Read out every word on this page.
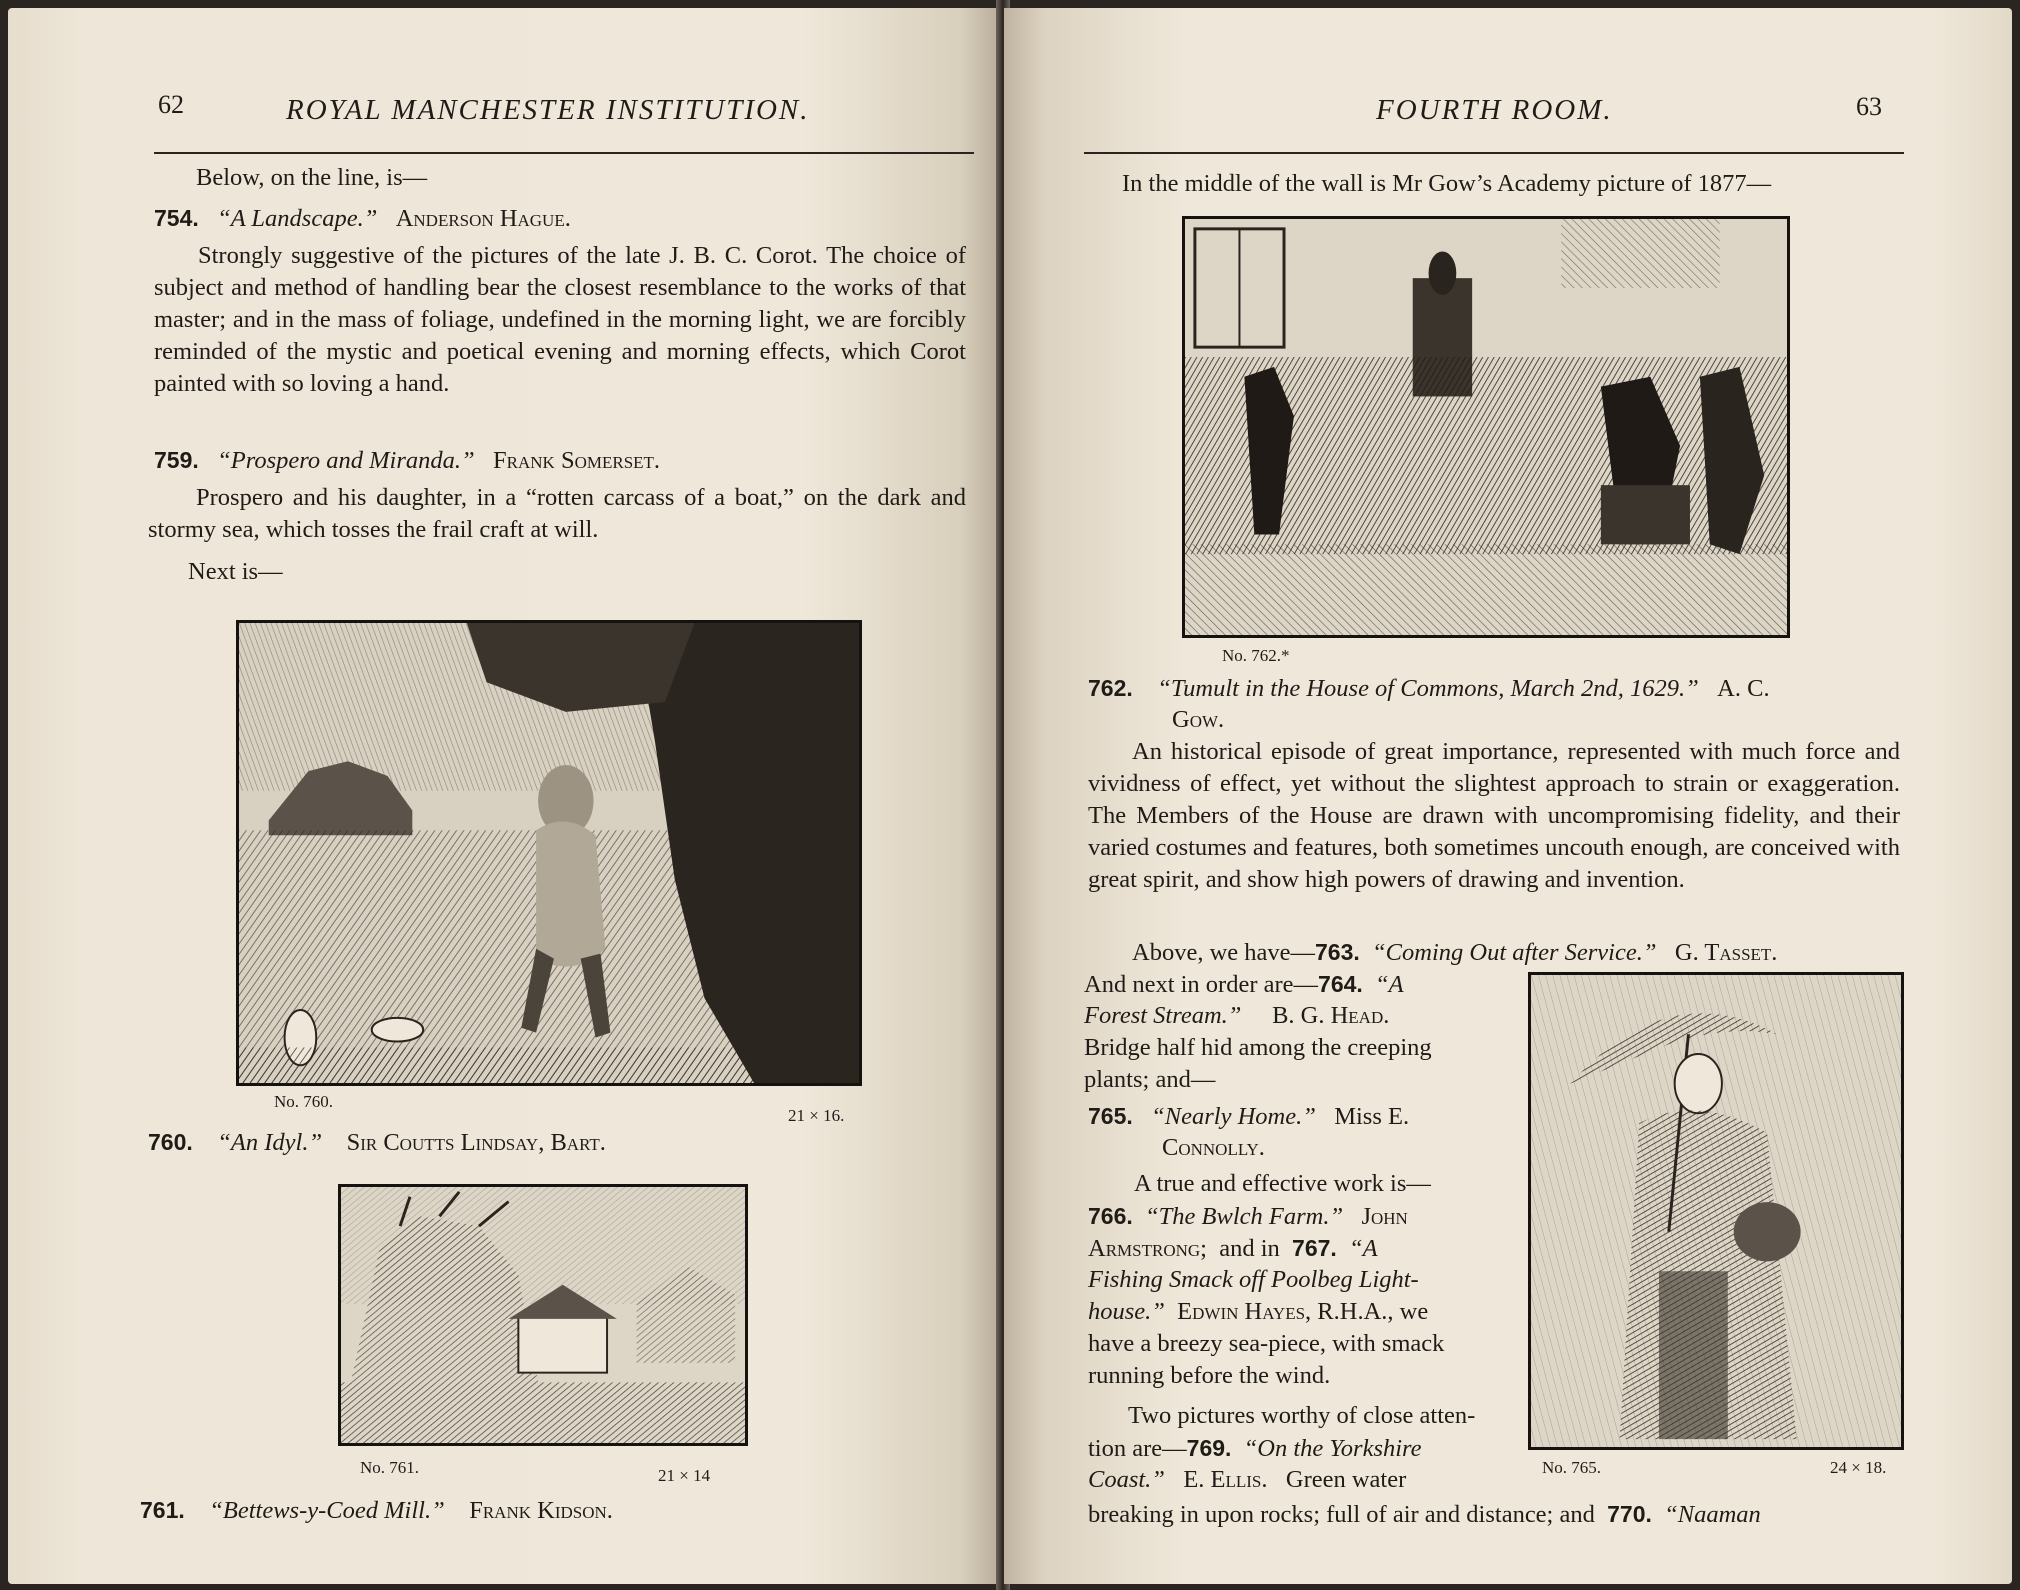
62	ROYAL MANCHESTER INSTITUTION.

Below, on the line, is—

754. “A Landscape.” Anderson Hague.

Strongly suggestive of the pictures of the late J. B. C. Corot. The choice of subject and method of handling bear the closest resemblance to the works of that master; and in the mass of foliage, undefined in the morning light, we are forcibly reminded of the mystic and poetical evening and morning effects, which Corot painted with so loving a hand.

759. “Prospero and Miranda.” Frank Somerset.

Prospero and his daughter, in a “rotten carcass of a boat,” on the dark and stormy sea, which tosses the frail craft at will.

Next is—

No. 760.
21 × 16.
760. “An Idyl.” Sir Coutts Lindsay, Bart.
No. 761.	21 × 14
761. “Bettews-y-Coed Mill.” Frank Kidson.
FOURTH ROOM.	63

In the middle of the wall is Mr Gow’s Academy picture of 1877—

No. 762.*
762. “Tumult in the House of Commons, March 2nd, 1629.” A. C.
Gow.

An historical episode of great importance, represented with much force and vividness of effect, yet without the slightest approach to strain or exaggeration. The Members of the House are drawn with uncompromising fidelity, and their varied costumes and features, both sometimes uncouth enough, are conceived with great spirit, and show high powers of drawing and invention.

Above, we have—763. “Coming Out after Service.” G. Tasset.
No. 765.	24 × 18.
And next in order are—764. “A
Forest Stream.” B. G. Head.

Bridge half hid among the creeping

plants; and—

765. “Nearly Home.” Miss E.

Connolly.

A true and effective work is—

766. “The Bwlch Farm.” John
Armstrong; and in 767. “A

Fishing Smack off Poolbeg Light-

house.” Edwin Hayes, R.H.A., we

have a breezy sea-piece, with smack

running before the wind.

Two pictures worthy of close atten-

tion are—769. “On the Yorkshire
Coast.” E. Ellis. Green water
breaking in upon rocks; full of air and distance; and 770. “Naaman
